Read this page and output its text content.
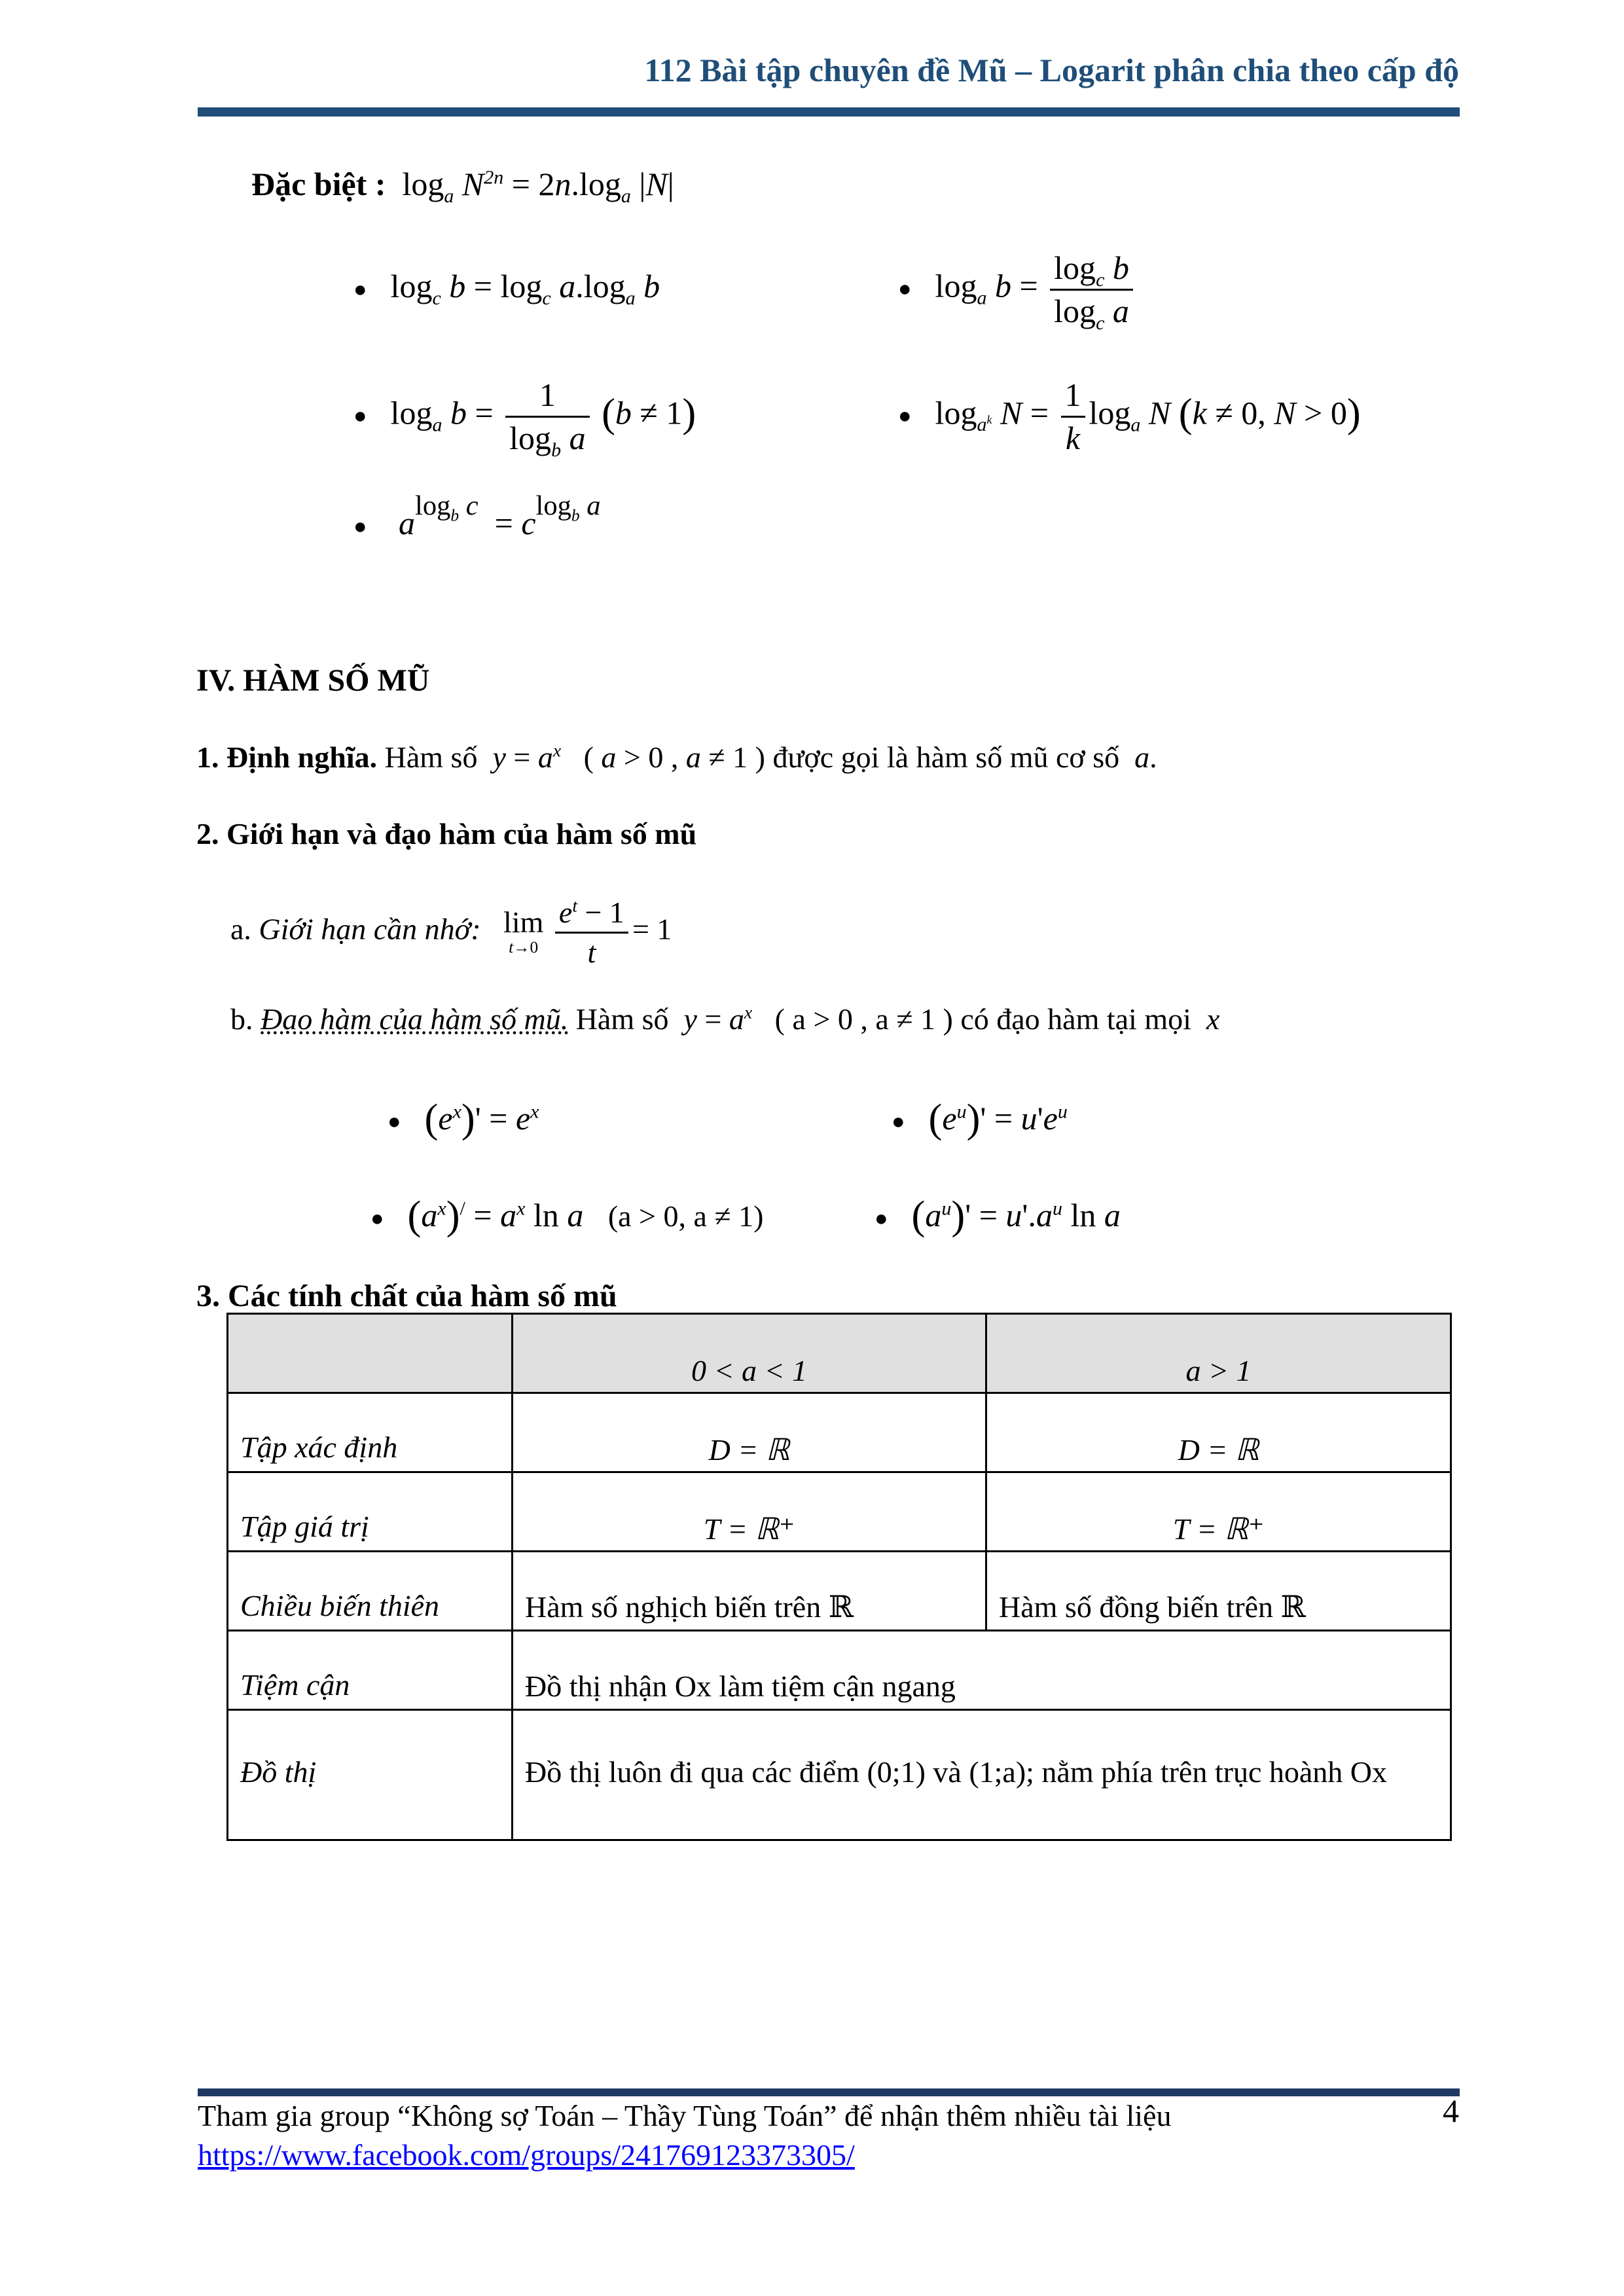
112 Bài tập chuyên đề Mũ – Logarit phân chia theo cấp độ
Đặc biệt :  $\log_a N^{2n} = 2n.\log_a$ |N|
● $\log_c b = \log_c a.\log_a$ b	● $\log_a b = \frac{\log_c b}{\log_c a}$
● $\log_a b = \frac{1}{\log_b a} (b \ne 1)$	● $\log_{a^k} N = \frac{1}{k} \log_a N$ (k ≠ 0, N > 0)
● $a^{log_b c} = c^{log_b a}$
IV. HÀM SỐ MŨ
1. Định nghĩa. Hàm số $y = a^x$   ( a > 0 , a ≠ 1 ) được gọi là hàm số mũ cơ số a.
2. Giới hạn và đạo hàm của hàm số mũ
a. Giới hạn cần nhớ: lim
t→0
$\frac{e^t - 1}{t} = 1$
b. Đạo hàm của hàm số mũ. Hàm số $y = a^x$ ( a > 0 , a ≠ 1 ) có đạo hàm tại mọi x
● $(e^x)' = e^x$	● $(e^u)' = u'e^u$
● $(a^x)^/ = a^x$ ln a (a > 0, a ≠ 1)	● $(a^u)' = u'.a^u$ ln a
3. Các tính chất của hàm số mũ
	0 < a < 1	a > 1
Tập xác định	D = ℝ	D = ℝ
Tập giá trị	T = ℝ⁺	T = ℝ⁺
Chiều biến thiên	Hàm số nghịch biến trên ℝ	Hàm số đồng biến trên ℝ
Tiệm cận	Đồ thị nhận Ox làm tiệm cận ngang	
Đồ thị	Đồ thị luôn đi qua các điểm (0;1) và (1;a); nằm phía trên trục hoành Ox	
Tham gia group “Không sợ Toán – Thầy Tùng Toán” để nhận thêm nhiều tài liệu
https://www.facebook.com/groups/241769123373305/
4
